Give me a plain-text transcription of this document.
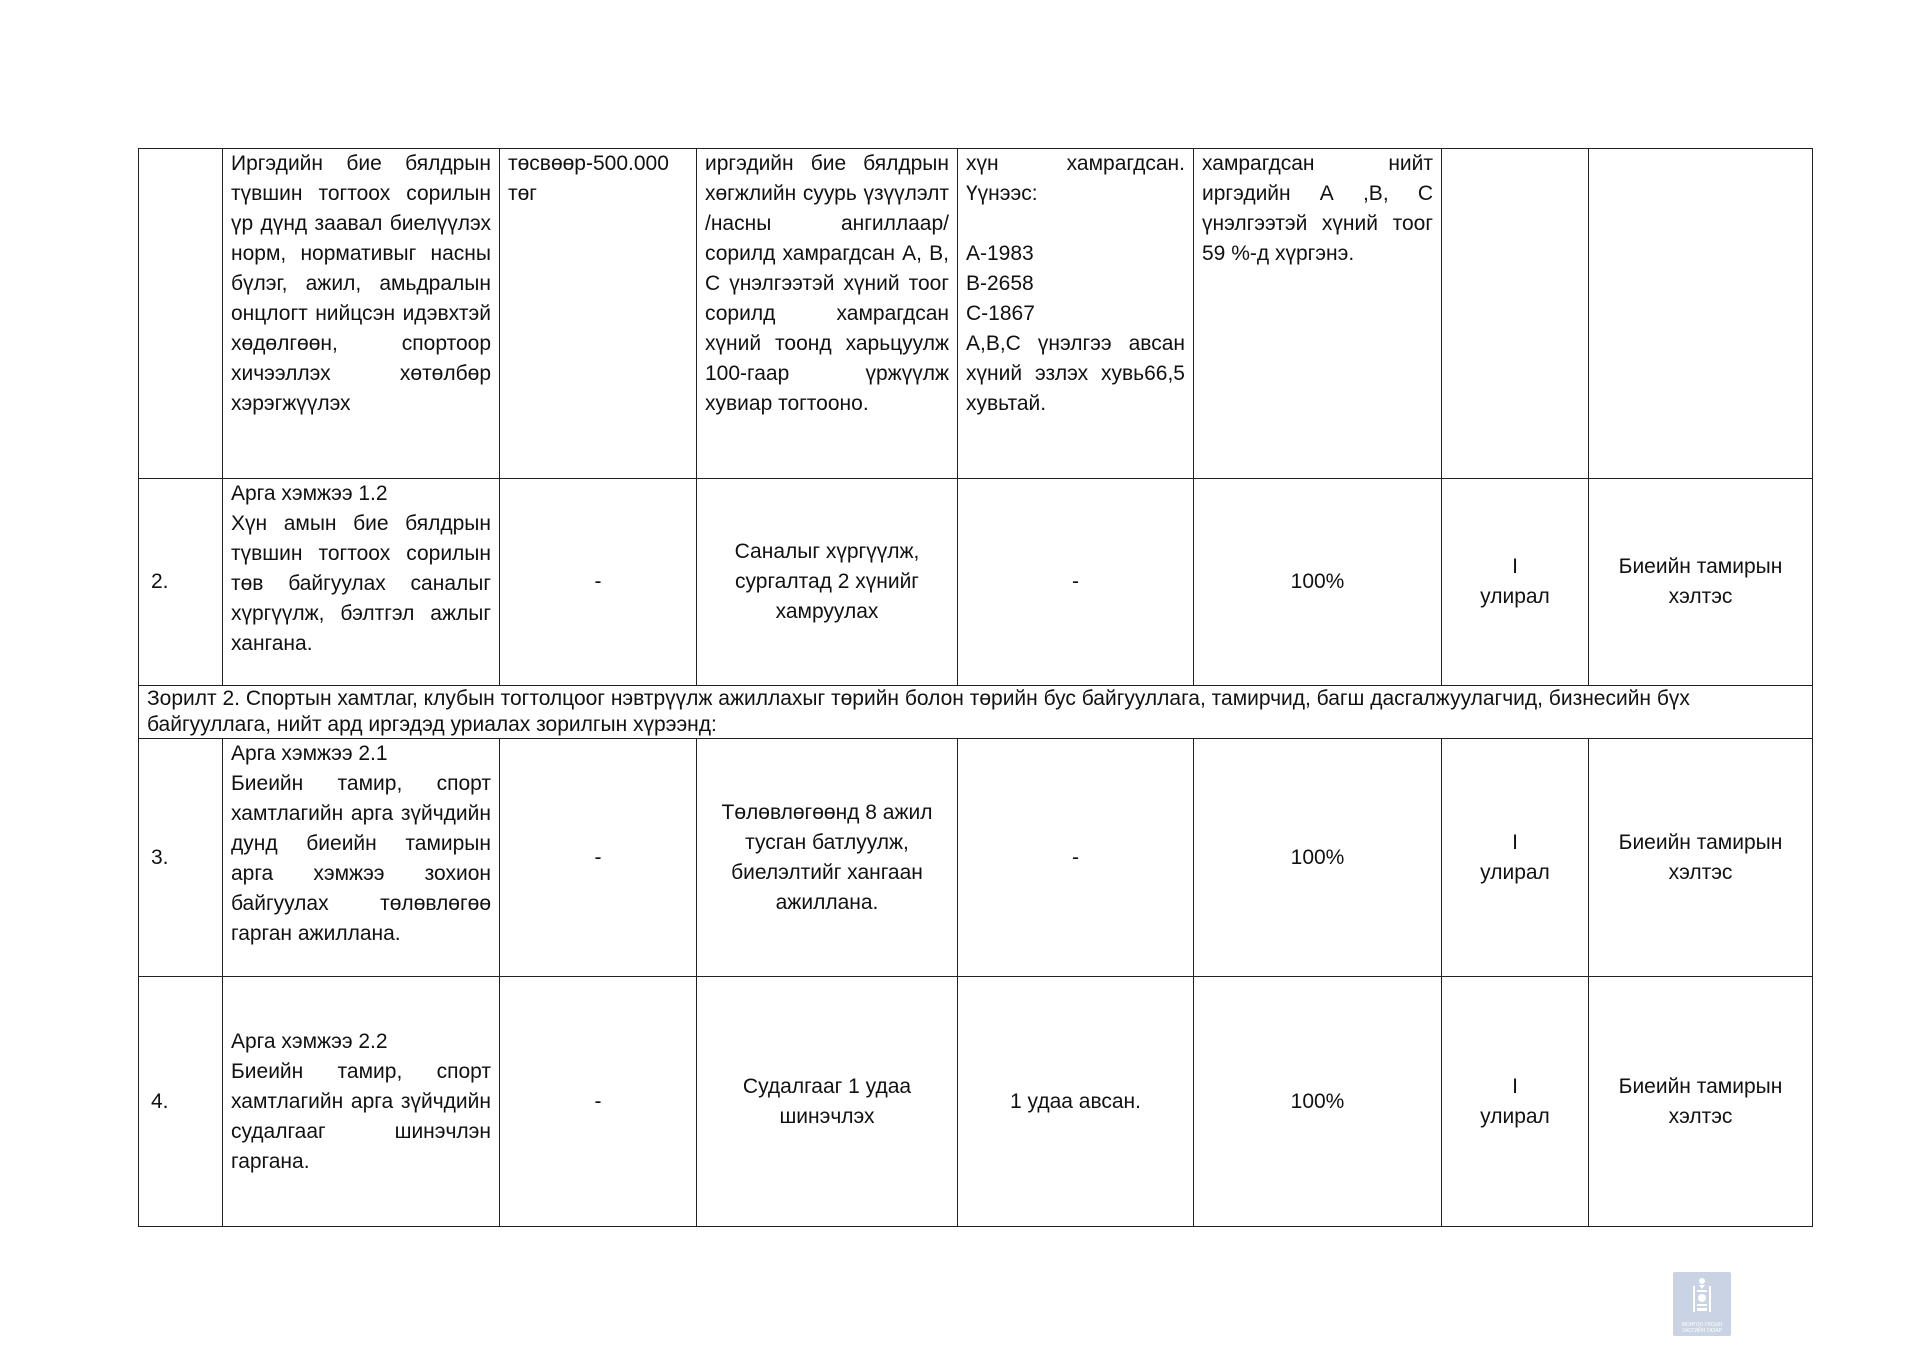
	Иргэдийн бие бялдрын түвшин тогтоох сорилын үр дүнд заавал биелүүлэх норм, нормативыг насны бүлэг, ажил, амьдралын онцлогт нийцсэн идэвхтэй хөдөлгөөн, спортоор хичээллэх хөтөлбөр хэрэгжүүлэх	төсвөөр-500.000 төг	иргэдийн бие бялдрын хөгжлийн суурь үзүүлэлт /насны ангиллаар/ сорилд хамрагдсан А, В, С үнэлгээтэй хүний тоог сорилд хамрагдсан хүний тоонд харьцуулж 100-гаар үржүүлж хувиар тогтооно.	хүн хамрагдсан. Үүнээс:

А-1983
В-2658
С-1867
А,В,С үнэлгээ авсан хүний эзлэх хувь66,5 хувьтай.	хамрагдсан нийт иргэдийн А ,В, С үнэлгээтэй хүний тоог 59 %-д хүргэнэ.		
2.	Арга хэмжээ 1.2
Хүн амын бие бялдрын түвшин тогтоох сорилын төв байгуулах саналыг хүргүүлж, бэлтгэл ажлыг хангана.	-	Саналыг хүргүүлж, сургалтад 2 хүнийг хамруулах	-	100%	I
улирал	Биеийн тамирын хэлтэс
Зорилт 2. Спортын хамтлаг, клубын тогтолцоог нэвтрүүлж ажиллахыг төрийн болон төрийн бус байгууллага, тамирчид, багш дасгалжуулагчид, бизнесийн бүх байгууллага, нийт ард иргэдэд уриалах зорилгын хүрээнд:							
3.	Арга хэмжээ 2.1
Биеийн тамир, спорт хамтлагийн арга зүйчдийн дунд биеийн тамирын арга хэмжээ зохион байгуулах төлөвлөгөө гарган ажиллана.	-	Төлөвлөгөөнд 8 ажил тусган батлуулж, биелэлтийг хангаан ажиллана.	-	100%	I
улирал	Биеийн тамирын хэлтэс
4.	Арга хэмжээ 2.2
Биеийн тамир, спорт хамтлагийн арга зүйчдийн судалгааг шинэчлэн гаргана.	-	Судалгааг 1 удаа шинэчлэх	1 удаа авсан.	100%	I
улирал	Биеийн тамирын хэлтэс
МОНГОЛ УЛСЫН ЗАСГИЙН ГАЗАР
